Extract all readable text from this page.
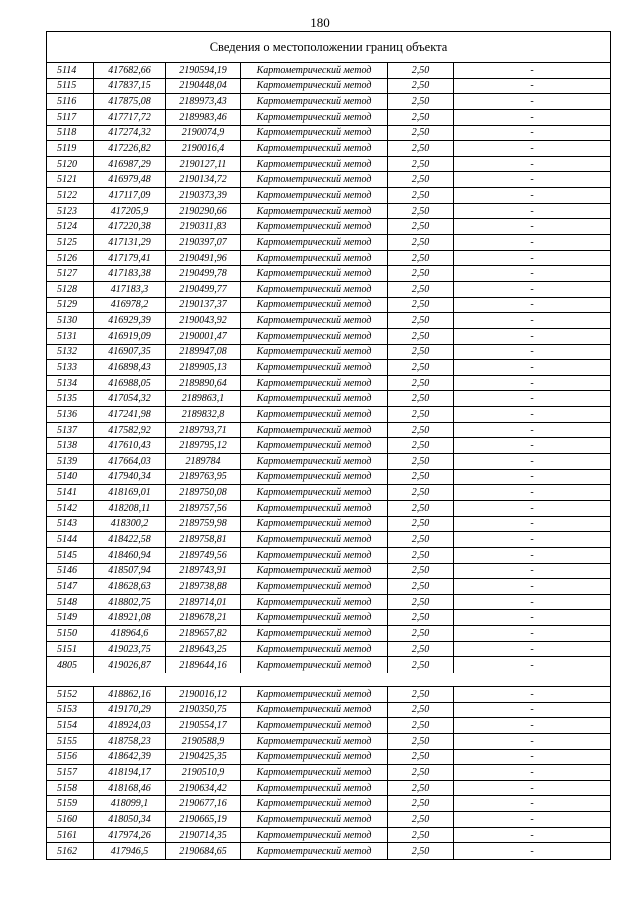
180
Сведения о местоположении границ объекта
5114	417682,66	2190594,19	Картометрический метод	2,50	-
5115	417837,15	2190448,04	Картометрический метод	2,50	-
5116	417875,08	2189973,43	Картометрический метод	2,50	-
5117	417717,72	2189983,46	Картометрический метод	2,50	-
5118	417274,32	2190074,9	Картометрический метод	2,50	-
5119	417226,82	2190016,4	Картометрический метод	2,50	-
5120	416987,29	2190127,11	Картометрический метод	2,50	-
5121	416979,48	2190134,72	Картометрический метод	2,50	-
5122	417117,09	2190373,39	Картометрический метод	2,50	-
5123	417205,9	2190290,66	Картометрический метод	2,50	-
5124	417220,38	2190311,83	Картометрический метод	2,50	-
5125	417131,29	2190397,07	Картометрический метод	2,50	-
5126	417179,41	2190491,96	Картометрический метод	2,50	-
5127	417183,38	2190499,78	Картометрический метод	2,50	-
5128	417183,3	2190499,77	Картометрический метод	2,50	-
5129	416978,2	2190137,37	Картометрический метод	2,50	-
5130	416929,39	2190043,92	Картометрический метод	2,50	-
5131	416919,09	2190001,47	Картометрический метод	2,50	-
5132	416907,35	2189947,08	Картометрический метод	2,50	-
5133	416898,43	2189905,13	Картометрический метод	2,50	-
5134	416988,05	2189890,64	Картометрический метод	2,50	-
5135	417054,32	2189863,1	Картометрический метод	2,50	-
5136	417241,98	2189832,8	Картометрический метод	2,50	-
5137	417582,92	2189793,71	Картометрический метод	2,50	-
5138	417610,43	2189795,12	Картометрический метод	2,50	-
5139	417664,03	2189784	Картометрический метод	2,50	-
5140	417940,34	2189763,95	Картометрический метод	2,50	-
5141	418169,01	2189750,08	Картометрический метод	2,50	-
5142	418208,11	2189757,56	Картометрический метод	2,50	-
5143	418300,2	2189759,98	Картометрический метод	2,50	-
5144	418422,58	2189758,81	Картометрический метод	2,50	-
5145	418460,94	2189749,56	Картометрический метод	2,50	-
5146	418507,94	2189743,91	Картометрический метод	2,50	-
5147	418628,63	2189738,88	Картометрический метод	2,50	-
5148	418802,75	2189714,01	Картометрический метод	2,50	-
5149	418921,08	2189678,21	Картометрический метод	2,50	-
5150	418964,6	2189657,82	Картометрический метод	2,50	-
5151	419023,75	2189643,25	Картометрический метод	2,50	-
4805	419026,87	2189644,16	Картометрический метод	2,50	-
5152	418862,16	2190016,12	Картометрический метод	2,50	-
5153	419170,29	2190350,75	Картометрический метод	2,50	-
5154	418924,03	2190554,17	Картометрический метод	2,50	-
5155	418758,23	2190588,9	Картометрический метод	2,50	-
5156	418642,39	2190425,35	Картометрический метод	2,50	-
5157	418194,17	2190510,9	Картометрический метод	2,50	-
5158	418168,46	2190634,42	Картометрический метод	2,50	-
5159	418099,1	2190677,16	Картометрический метод	2,50	-
5160	418050,34	2190665,19	Картометрический метод	2,50	-
5161	417974,26	2190714,35	Картометрический метод	2,50	-
5162	417946,5	2190684,65	Картометрический метод	2,50	-
